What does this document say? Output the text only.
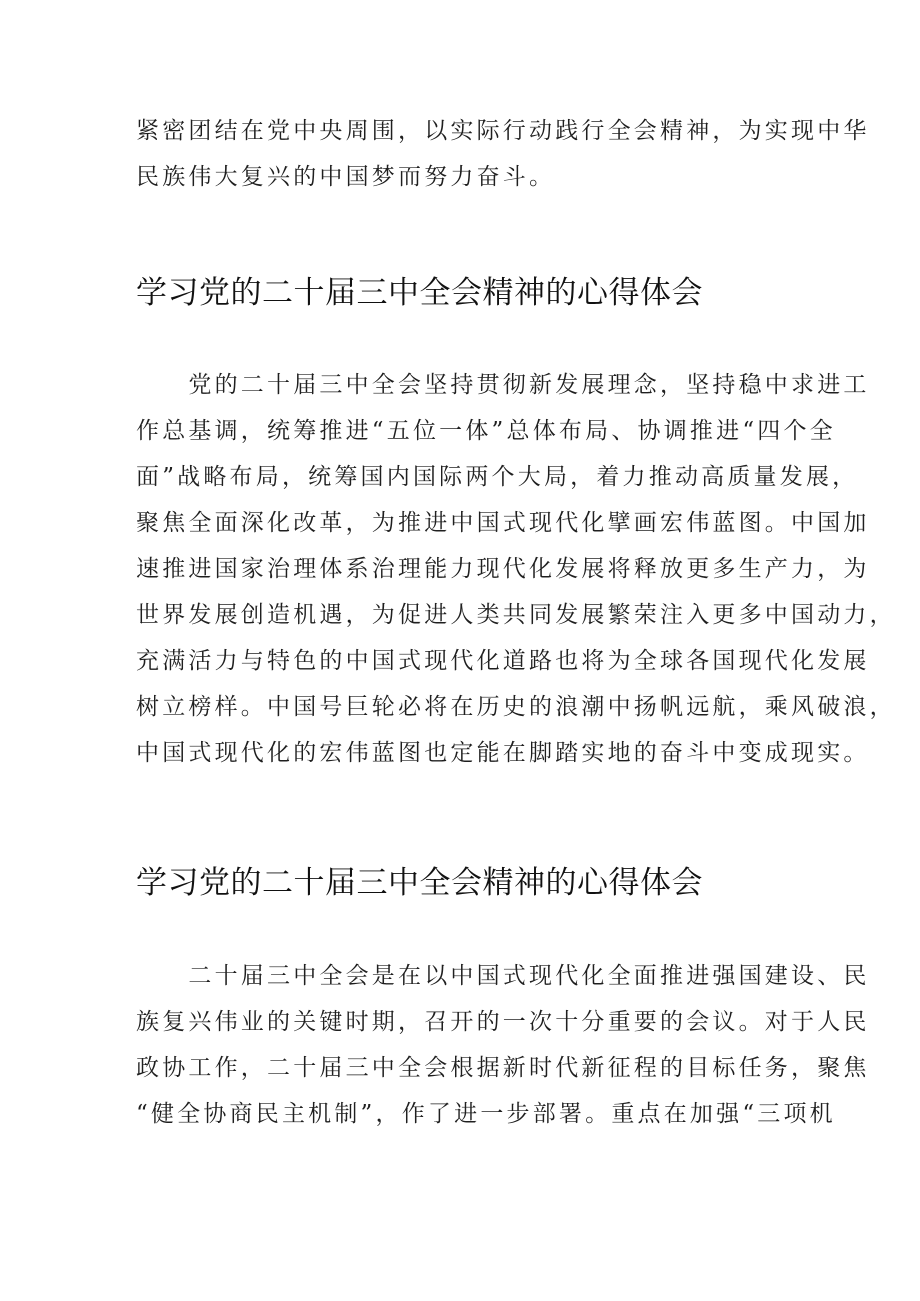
紧密团结在党中央周围，以实际行动践行全会精神，为实现中华
民族伟大复兴的中国梦而努力奋斗。
学习党的二十届三中全会精神的心得体会
　　党的二十届三中全会坚持贯彻新发展理念，坚持稳中求进工
作总基调，统筹推进“五位一体”总体布局、协调推进“四个全
面”战略布局，统筹国内国际两个大局，着力推动高质量发展，
聚焦全面深化改革，为推进中国式现代化擘画宏伟蓝图。中国加
速推进国家治理体系治理能力现代化发展将释放更多生产力，为
世界发展创造机遇，为促进人类共同发展繁荣注入更多中国动力，
充满活力与特色的中国式现代化道路也将为全球各国现代化发展
树立榜样。中国号巨轮必将在历史的浪潮中扬帆远航，乘风破浪，
中国式现代化的宏伟蓝图也定能在脚踏实地的奋斗中变成现实。
学习党的二十届三中全会精神的心得体会
　　二十届三中全会是在以中国式现代化全面推进强国建设、民
族复兴伟业的关键时期，召开的一次十分重要的会议。对于人民
政协工作，二十届三中全会根据新时代新征程的目标任务，聚焦
“健全协商民主机制”，作了进一步部署。重点在加强“三项机
